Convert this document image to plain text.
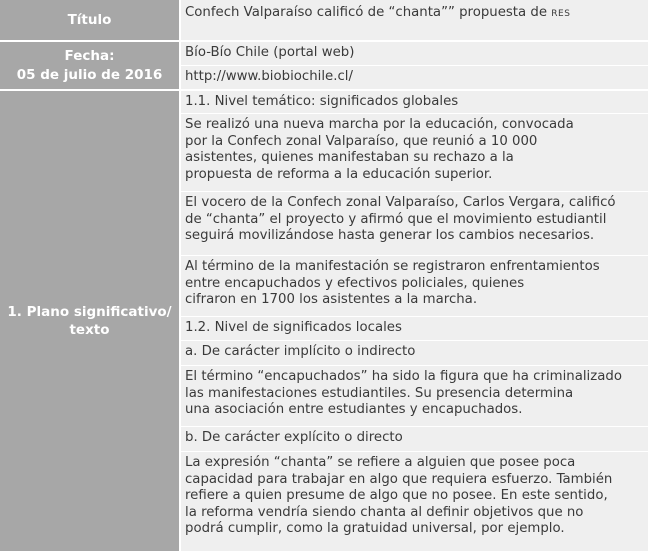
Título	Confech Valparaíso calificó de “chanta”” propuesta de RES
Fecha:
05 de julio de 2016
Bío-Bío Chile (portal web)
http://www.biobiochile.cl/
1. Plano significativo/
texto
1.1. Nivel temático: significados globales
Se realizó una nueva marcha por la educación, convocada
por la Confech zonal Valparaíso, que reunió a 10 000
asistentes, quienes manifestaban su rechazo a la
propuesta de reforma a la educación superior.
El vocero de la Confech zonal Valparaíso, Carlos Vergara, calificó
de “chanta” el proyecto y afirmó que el movimiento estudiantil
seguirá movilizándose hasta generar los cambios necesarios.
Al término de la manifestación se registraron enfrentamientos
entre encapuchados y efectivos policiales, quienes
cifraron en 1700 los asistentes a la marcha.
1.2. Nivel de significados locales
a. De carácter implícito o indirecto
El término “encapuchados” ha sido la figura que ha criminalizado
las manifestaciones estudiantiles. Su presencia determina
una asociación entre estudiantes y encapuchados.
b. De carácter explícito o directo
La expresión “chanta” se refiere a alguien que posee poca
capacidad para trabajar en algo que requiera esfuerzo. También
refiere a quien presume de algo que no posee. En este sentido,
la reforma vendría siendo chanta al definir objetivos que no
podrá cumplir, como la gratuidad universal, por ejemplo.
